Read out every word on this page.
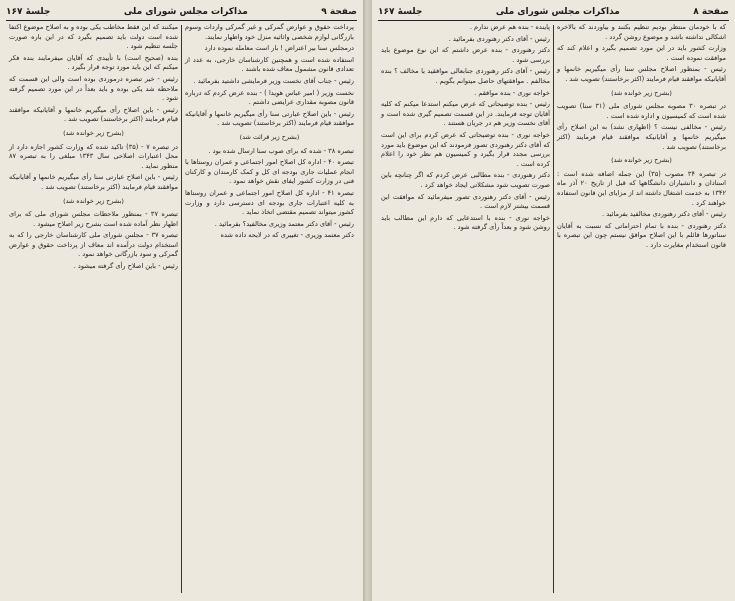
صفحة ٩
مذاکرات مجلس شورای ملی
جلسهٔ ۱۶۷

پرداخت حقوق و عوارض گمرکی و غیر گمرکی واردات وسوم بازرگانی لوازم شخصی واثاثیه منزل خود واظهار نمایند.

درمجلس سنا بیر اعتراض ! بار است معامله نموده دارد

استفاده شده است و همچنین کارشناسان خارجی، به عدد از تعدادی قانون مشمول معاف شده باشند .

رئیس - جناب آقای نخست وزیر فرمایشی داشتید بفرمائید .

نخست وزیر ( امیر عباس هویدا ) - بنده عرض کردم که درباره قانون مصوبه مقداری عرایضی داشتم .

رئیس - باین اصلاح عبارتی سنا رأی میگیریم خانمها و آقایانیکه موافقند قیام فرمایند (اکثر برخاستند) تصویب شد .

(بشرح زیر قرائت شد)

تبصره ۳۸ - شده که برای صوب سنا ارسال شده بود .

تبصره ۴۰ - اداره کل اصلاح امور اجتماعی و عمران روستاها با انجام عملیات جاری بودجه ای کل و کمک کارمندان و کارکنان فنی در وزارت کشور ایفای نقش خواهد نمود .

تبصره ۴۱ - اداره کل اصلاح امور اجتماعی و عمران روستاها به کلیه اعتبارات جاری بودجه ای دسترسی دارد و وزارت کشور میتواند تصمیم مقتضی اتخاذ نماید .

رئیس - آقای دکتر معتمد وزیری مخالفید؟ بفرمائید .

دکتر معتمد وزیری - تغییری که در لایحه داده شده

میکنند که این فقط مخاطب یکی بوده و به اصلاح موضوع اکتفا شده است دولت باید تصمیم بگیرد که در این باره صورت جلسه تنظیم شود .

بنده (صحیح است) با تأییدی که آقایان میفرمایند بنده فکر میکنم که این باید مورد توجه قرار بگیرد .

رئیس - خیر تبصره درموردی بوده است والی این قسمت که ملاحظه شد یکی بوده و باید بعداً در این مورد تصمیم گرفته شود .

رئیس - باین اصلاح رأی میگیریم خانمها و آقایانیکه موافقند قیام فرمایند (اکثر برخاستند) تصویب شد .

(بشرح زیر خوانده شد)

در تبصره ۷ - (۳۵) تاکید شده که وزارت کشور اجازه دارد از محل اعتبارات اصلاحی سال ۱۳۴۳ مبلغی را به تبصره ۸۷ منظور نماید .

رئیس - باین اصلاح عبارتی سنا رأی میگیریم خانمها و آقایانیکه موافقند قیام فرمایند (اکثر برخاستند) تصویب شد .

(بشرح زیر خوانده شد)

تبصره ۳۷ - بمنظور ملاحظات مجلس شورای ملی که برای اظهار نظر آماده شده است بشرح زیر اصلاح میشود .

تبصره ۳۷ - مجلس شورای ملی کارشناسان خارجی را که به استخدام دولت درآمده اند معاف از پرداخت حقوق و عوارض گمرکی و سود بازرگانی خواهد نمود .

رئیس - باین اصلاح رأی گرفته میشود .

صفحة ٨
مذاکرات مجلس شورای ملی
جلسهٔ ۱۶۷

که با خودمان منتظر بودیم تنظیم بکنند و بیاوردند که بالاخره اشکالی نداشته باشد و موضوع روشن گردد .

وزارت کشور باید در این مورد تصمیم بگیرد و اعلام کند که موافقت نموده است .

رئیس - بمنظور اصلاح مجلس سنا رأی میگیریم خانمها و آقایانیکه موافقند قیام فرمایند (اکثر برخاستند) تصویب شد .

(بشرح زیر خوانده شد)

در تبصره ۳۰ مصوبه مجلس شورای ملی (۳۱ سنا) تصویب شده است که کمیسیون و اداره شده است .

رئیس - مخالفی نیست ؟ (اظهاری نشد) به این اصلاح رأی میگیریم خانمها و آقایانیکه موافقند قیام فرمایند (اکثر برخاستند) تصویب شد .

(بشرح زیر خوانده شد)

در تبصره ۳۴ مصوب (۳۵) این جمله اضافه شده است : استادان و دانشیاران دانشگاهها که قبل از تاریخ ۲۰ آذر ماه ۱۳۴۲ به خدمت اشتغال داشته اند از مزایای این قانون استفاده خواهند کرد .

رئیس - آقای دکتر رهنوردی مخالفید بفرمائید .

دکتر رهنوردی - بنده با تمام احتراماتی که نسبت به آقایان سناتورها قائلم با این اصلاح موافق نیستم چون این تبصره با قانون استخدام مغایرت دارد .

پاینده - بنده هم عرض ندارم .

رئیس - آقای دکتر رهنوردی بفرمائید .

دکتر رهنوردی - بنده عرض داشتم که این نوع موضوع باید بررسی شود .

رئیس - آقای دکتر رهنوردی جنابعالی موافقید یا مخالف ؟ بنده مخالفم . موافقتهای حاصل میتوانم بگویم .

خواجه نوری - بنده موافقم .

رئیس - بنده توضیحاتی که عرض میکنم استدعا میکنم که کلیه آقایان توجه فرمایند. در این قسمت تصمیم گیری شده است و آقای نخست وزیر هم در جریان هستند .

خواجه نوری - بنده توضیحاتی که عرض کردم برای این است که آقای دکتر رهنوردی تصور فرمودند که این موضوع باید مورد بررسی مجدد قرار بگیرد و کمیسیون هم نظر خود را اعلام کرده است .

دکتر رهنوردی - بنده مطالبی عرض کردم که اگر چنانچه باین صورت تصویب شود مشکلاتی ایجاد خواهد کرد .

رئیس - آقای دکتر رهنوردی تصور میفرمائید که موافقت این قسمت بیشتر لازم است .

خواجه نوری - بنده با استدعایی که دارم این مطالب باید روشن شود و بعداً رأی گرفته شود .
